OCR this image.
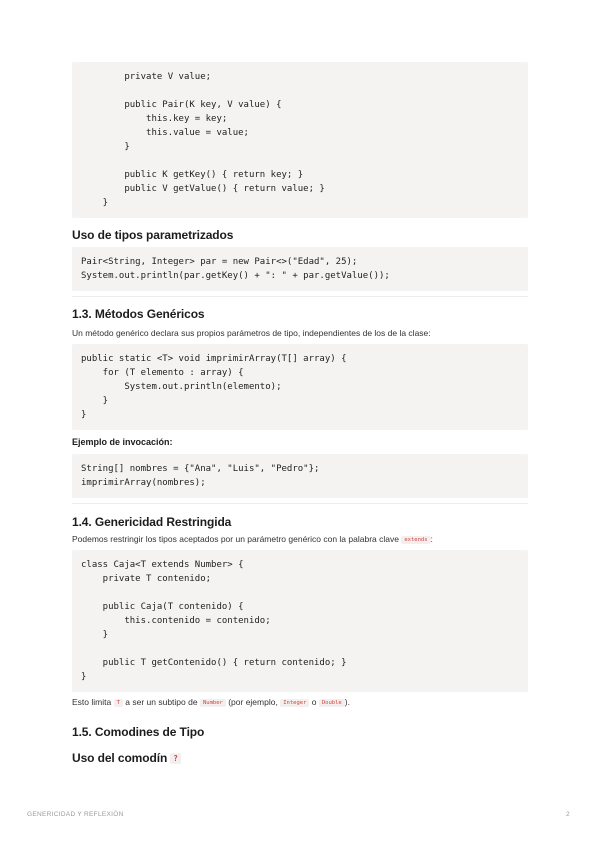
private V value;

public Pair(K key, V value) {
this.key = key;
this.value = value;
}

public K getKey() { return key; }
public V getValue() { return value; }
}
Uso de tipos parametrizados
Pair<String, Integer> par = new Pair<>("Edad", 25);
System.out.println(par.getKey() + ": " + par.getValue());
1.3. Métodos Genéricos
Un método genérico declara sus propios parámetros de tipo, independientes de los de la clase:
public static <T> void imprimirArray(T[] array) {
for (T elemento : array) {
System.out.println(elemento);
}
}
Ejemplo de invocación:
String[] nombres = {"Ana", "Luis", "Pedro"};
imprimirArray(nombres);
1.4. Genericidad Restringida
Podemos restringir los tipos aceptados por un parámetro genérico con la palabra clave extends :
class Caja<T extends Number> {
private T contenido;

public Caja(T contenido) {
this.contenido = contenido;
}

public T getContenido() { return contenido; }
}
Esto limita T a ser un subtipo de Number (por ejemplo, Integer o Double ).
1.5. Comodines de Tipo
Uso del comodín ?
GENERICIDAD Y REFLEXIÓN	2
